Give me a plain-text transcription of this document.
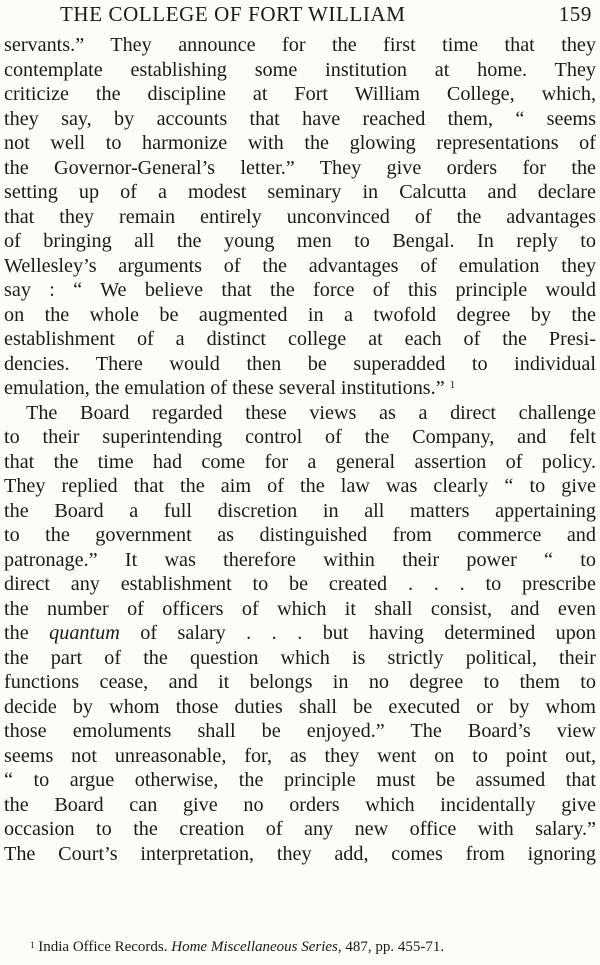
THE COLLEGE OF FORT WILLIAM	159
servants.” They announce for the first time that they
contemplate establishing some institution at home. They
criticize the discipline at Fort William College, which,
they say, by accounts that have reached them, “ seems
not well to harmonize with the glowing representations of
the Governor-General’s letter.” They give orders for the
setting up of a modest seminary in Calcutta and declare
that they remain entirely unconvinced of the advantages
of bringing all the young men to Bengal. In reply to
Wellesley’s arguments of the advantages of emulation they
say : “ We believe that the force of this principle would
on the whole be augmented in a twofold degree by the
establishment of a distinct college at each of the Presi-
dencies. There would then be superadded to individual
emulation, the emulation of these several institutions.” $^1$
The Board regarded these views as a direct challenge
to their superintending control of the Company, and felt
that the time had come for a general assertion of policy.
They replied that the aim of the law was clearly “ to give
the Board a full discretion in all matters appertaining
to the government as distinguished from commerce and
patronage.” It was therefore within their power “ to
direct any establishment to be created . . . to prescribe
the number of officers of which it shall consist, and even
the quantum of salary . . . but having determined upon
the part of the question which is strictly political, their
functions cease, and it belongs in no degree to them to
decide by whom those duties shall be executed or by whom
those emoluments shall be enjoyed.” The Board’s view
seems not unreasonable, for, as they went on to point out,
“ to argue otherwise, the principle must be assumed that
the Board can give no orders which incidentally give
occasion to the creation of any new office with salary.”
The Court’s interpretation, they add, comes from ignoring
$^1$ India Office Records. Home Miscellaneous Series, 487, pp. 455-71.
